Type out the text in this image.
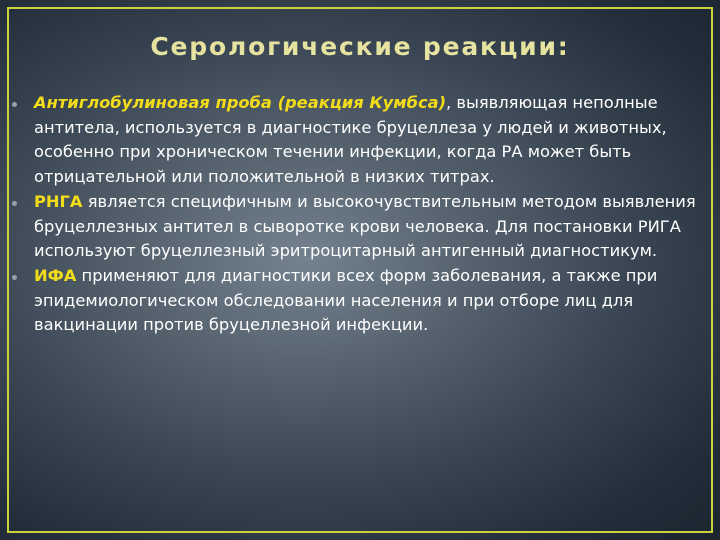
Серологические реакции:
Антиглобулиновая проба (реакция Кумбса), выявляющая неполные антитела, используется в диагностике бруцеллеза у людей и животных, особенно при хроническом течении инфекции, когда РА может быть отрицательной или положительной в низких титрах.
РНГА является специфичным и высокочувствительным методом выявления бруцеллезных антител в сыворотке крови человека. Для постановки РИГА используют бруцеллезный эритроцитарный антигенный диагностикум.
ИФА применяют для диагностики всех форм заболевания, а также при эпидемиологическом обследовании населения и при отборе лиц для вакцинации против бруцеллезной инфекции.
